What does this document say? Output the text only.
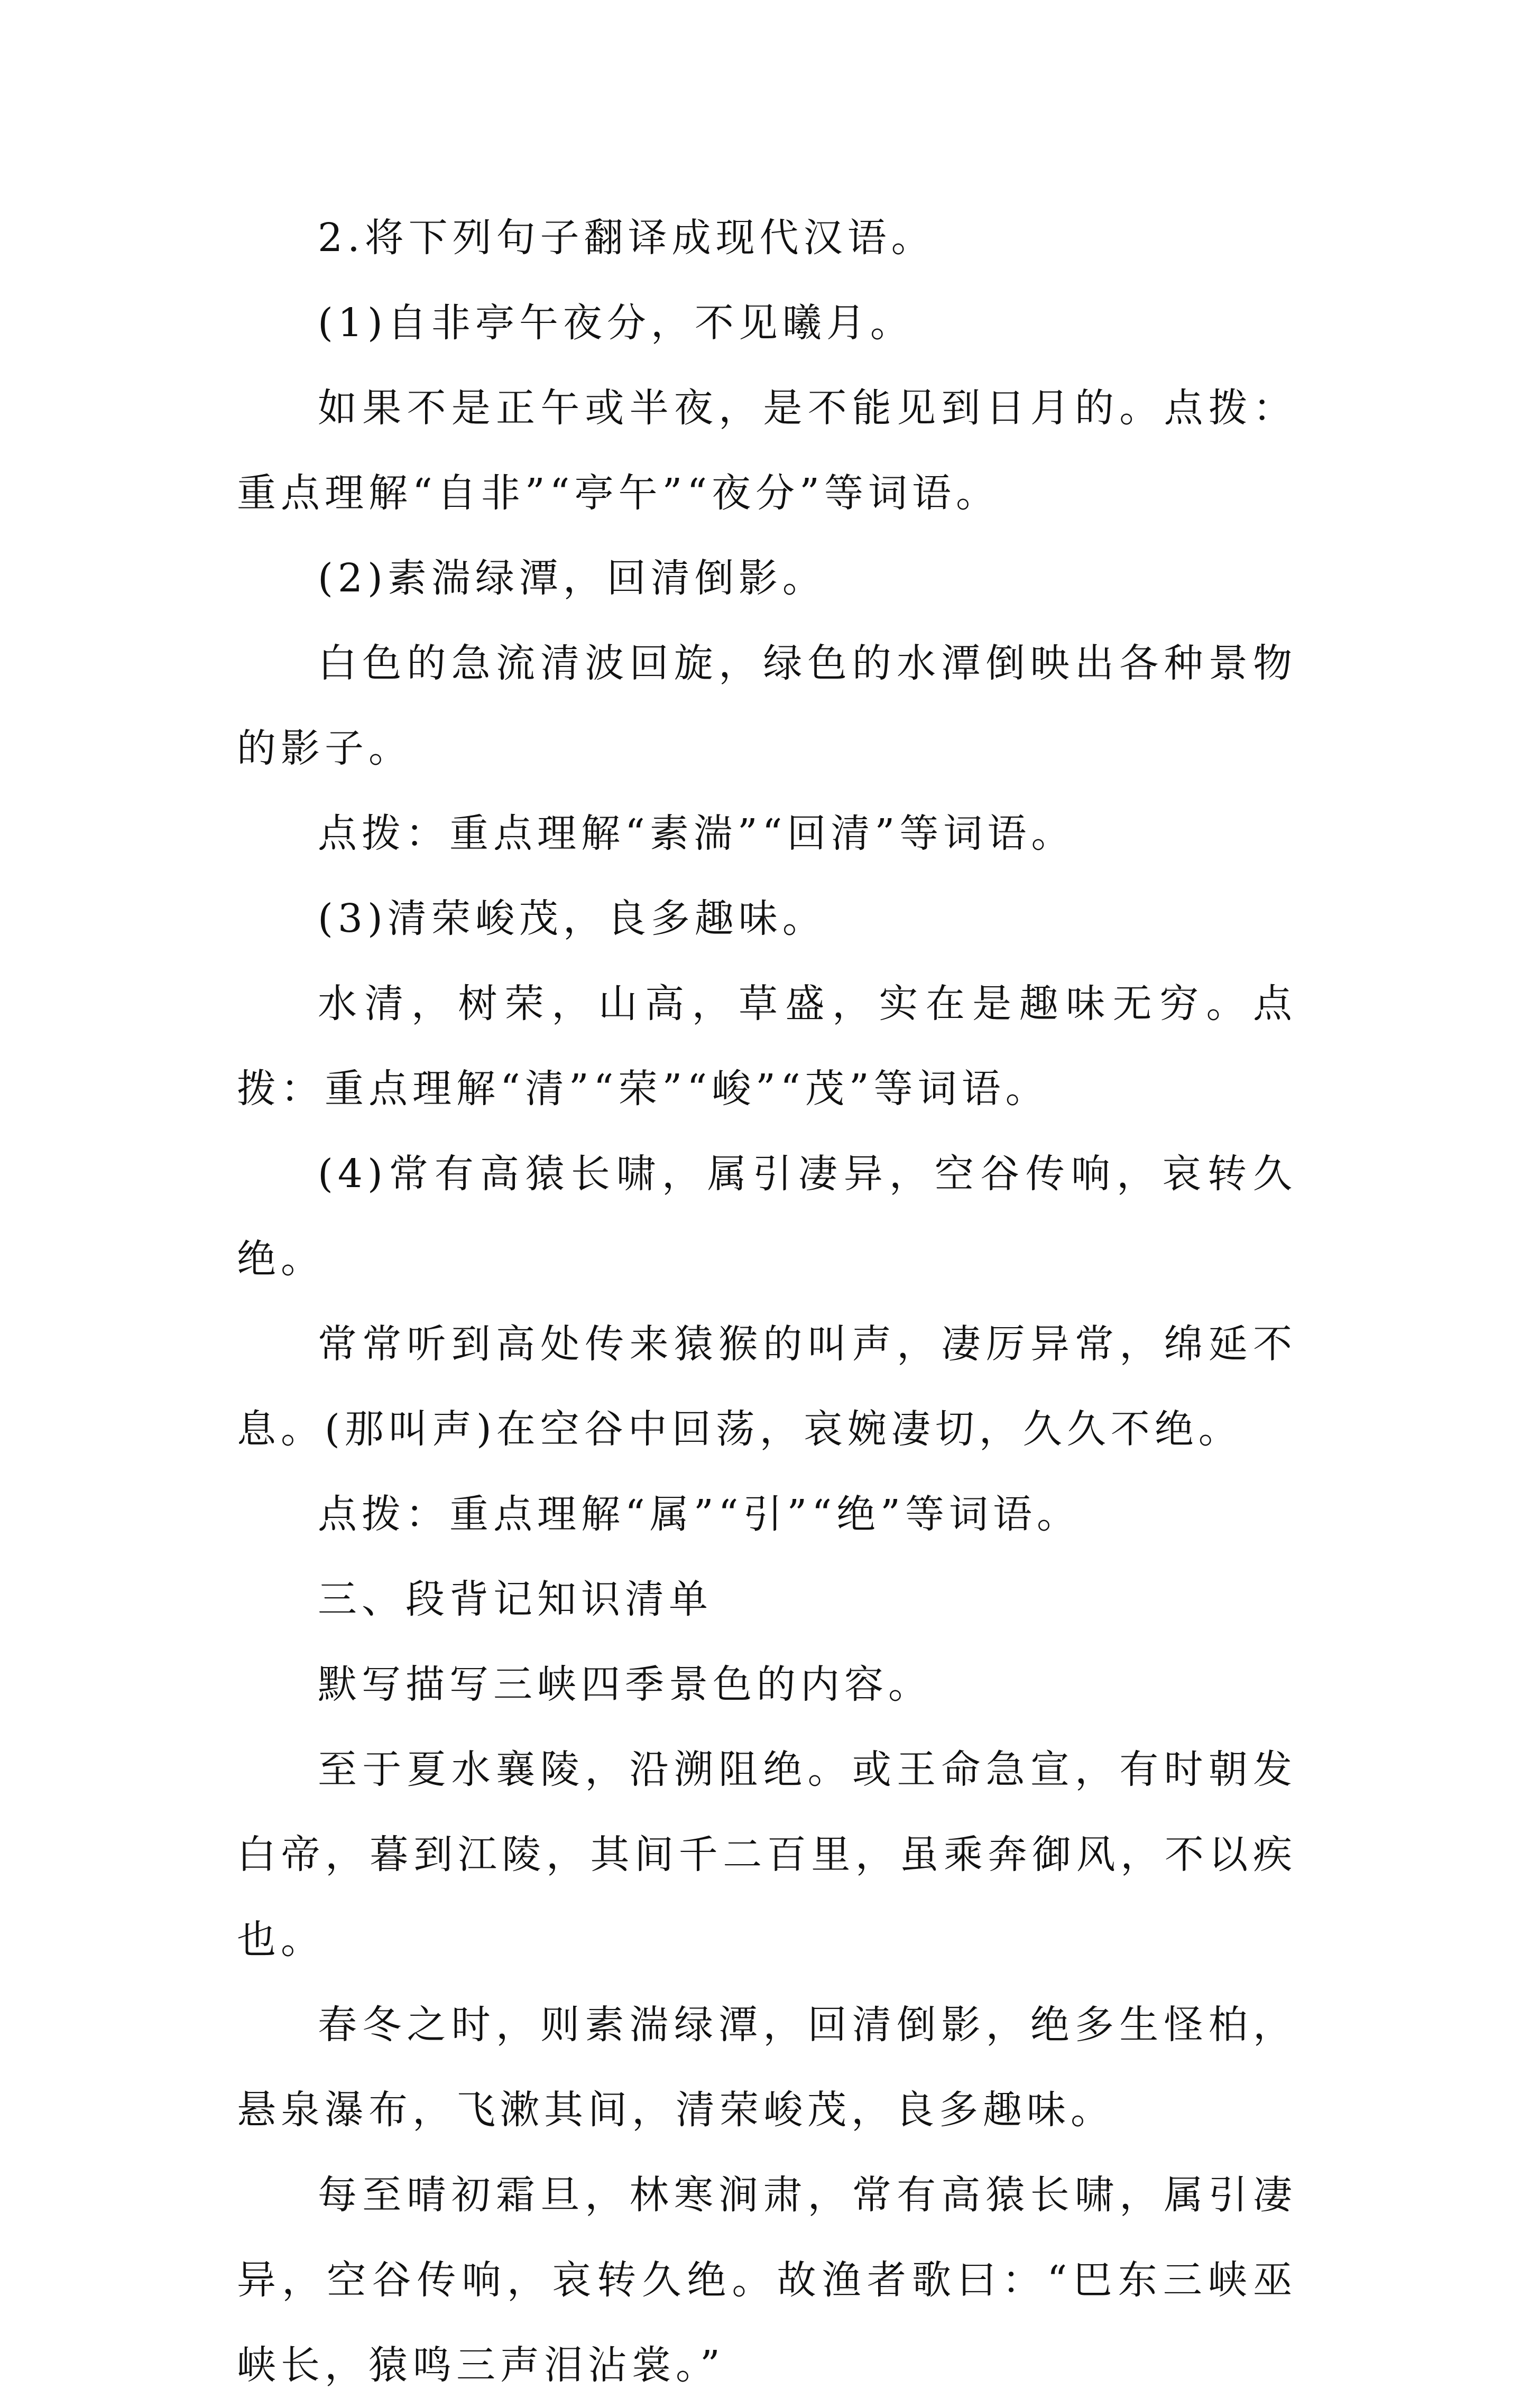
2.将下列句子翻译成现代汉语。

(1)自非亭午夜分，不见曦月。

如果不是正午或半夜，是不能见到日月的。点拨：重点理解“自非”“亭午”“夜分”等词语。

(2)素湍绿潭，回清倒影。

白色的急流清波回旋，绿色的水潭倒映出各种景物的影子。

点拨：重点理解“素湍”“回清”等词语。

(3)清荣峻茂，良多趣味。

水清，树荣，山高，草盛，实在是趣味无穷。点拨：重点理解“清”“荣”“峻”“茂”等词语。

(4)常有高猿长啸，属引凄异，空谷传响，哀转久绝。

常常听到高处传来猿猴的叫声，凄厉异常，绵延不息。(那叫声)在空谷中回荡，哀婉凄切，久久不绝。

点拨：重点理解“属”“引”“绝”等词语。

三、段背记知识清单

默写描写三峡四季景色的内容。

至于夏水襄陵，沿溯阻绝。或王命急宣，有时朝发白帝，暮到江陵，其间千二百里，虽乘奔御风，不以疾也。

春冬之时，则素湍绿潭，回清倒影，绝多生怪柏，悬泉瀑布，飞漱其间，清荣峻茂，良多趣味。

每至晴初霜旦，林寒涧肃，常有高猿长啸，属引凄异，空谷传响，哀转久绝。故渔者歌曰：“巴东三峡巫峡长，猿鸣三声泪沾裳。”
